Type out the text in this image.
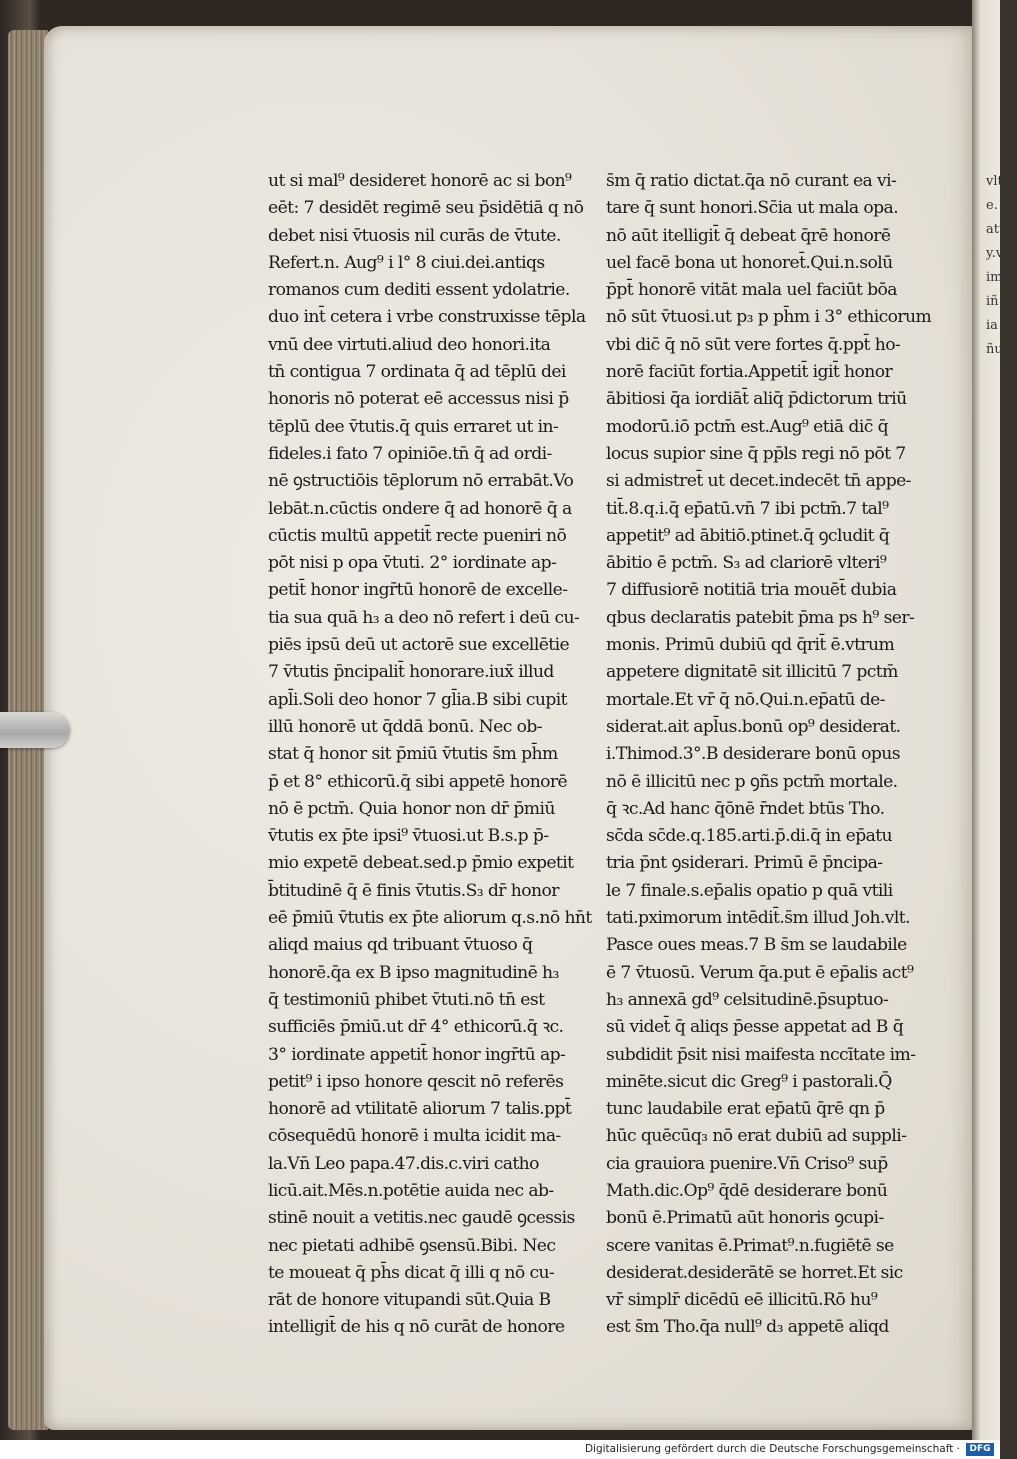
vltra
e. v
atu
y.v
im
iñ
ia
ñu
ut si mal⁹ desideret honorē ac si bon⁹
eēt: 7 desidēt regimē seu p̄sidētiā q nō
debet nisi v̄tuosis nil curās de v̄tute.
Refert.n. Aug⁹ i l° 8 ciui.dei.antiqs
romanos cum dediti essent ydolatrie.
duo int̄ cetera i vrbe construxisse tēpla
vnū dee virtuti.aliud deo honori.ita
tn̄ contigua 7 ordinata q̄ ad tēplū dei
honoris nō poterat eē accessus nisi p̄
tēplū dee v̄tutis.q̄ quis erraret ut in-
fideles.i fato 7 opiniōe.tn̄ q̄ ad ordi-
nē ꝯstructiōis tēplorum nō errabāt.Vo
lebāt.n.cūctis ondere q̄ ad honorē q̄ a
cūctis multū appetit̄ recte pueniri nō
pōt nisi p opa v̄tuti. 2° iordinate ap-
petit̄ honor ingr̄tū honorē de excelle-
tia sua quā h₃ a deo nō refert i deū cu-
piēs ipsū deū ut actorē sue excellētie
7 v̄tutis p̄ncipalit̄ honorare.iux̄ illud
apl̄i.Soli deo honor 7 gl̄ia.B sibi cupit
illū honorē ut q̄ddā bonū. Nec ob-
stat q̄ honor sit p̄miū v̄tutis s̄m ph̄m
p̄ et 8° ethicorū.q̄ sibi appetē honorē
nō ē pctm̄. Quia honor non dr̄ p̄miū
v̄tutis ex p̄te ipsi⁹ v̄tuosi.ut B.s.p p̄-
mio expetē debeat.sed.p p̄mio expetit
b̄titudinē q̄ ē finis v̄tutis.S₃ dr̄ honor
eē p̄miū v̄tutis ex p̄te aliorum q.s.nō hn̄t
aliqd maius qd tribuant v̄tuoso q̄
honorē.q̄a ex B ipso magnitudinē h₃
q̄ testimoniū phibet v̄tuti.nō tn̄ est
sufficiēs p̄miū.ut dr̄ 4° ethicorū.q̄ ꝛc.
3° iordinate appetit̄ honor ingr̄tū ap-
petit⁹ i ipso honore qescit nō referēs
honorē ad vtilitatē aliorum 7 talis.ppt̄
cōsequēdū honorē i multa icidit ma-
la.Vn̄ Leo papa.47.dis.c.viri catho
licū.ait.Mēs.n.potētie auida nec ab-
stinē nouit a vetitis.nec gaudē ꝯcessis
nec pietati adhibē ꝯsensū.Bibi. Nec
te moueat q̄ ph̄s dicat q̄ illi q nō cu-
rāt de honore vitupandi sūt.Quia B
intelligit̄ de his q nō curāt de honore
s̄m q̄ ratio dictat.q̄a nō curant ea vi-
tare q̄ sunt honori.Sc̄ia ut mala opa.
nō aūt itelligit̄ q̄ debeat q̄rē honorē
uel facē bona ut honoret̄.Qui.n.solū
p̄pt̄ honorē vitāt mala uel faciūt bōa
nō sūt v̄tuosi.ut p₃ p ph̄m i 3° ethicorum
vbi dic̄ q̄ nō sūt vere fortes q̄.ppt̄ ho-
norē faciūt fortia.Appetit̄ igit̄ honor
ābitiosi q̄a iordiāt̄ aliq̄ p̄dictorum triū
modorū.iō pctm̄ est.Aug⁹ etiā dic̄ q̄
locus supior sine q̄ pp̄ls regi nō pōt 7
si admistret̄ ut decet.indecēt tn̄ appe-
tit̄.8.q.i.q̄ ep̄atū.vn̄ 7 ibi pctm̄.7 tal⁹
appetit⁹ ad ābitiō.ptinet.q̄ ꝯcludit q̄
ābitio ē pctm̄. S₃ ad clariorē vlteri⁹
7 diffusiorē notitiā tria mouēt̄ dubia
qbus declaratis patebit p̄ma ps h⁹ ser-
monis. Primū dubiū qd q̄rit̄ ē.vtrum
appetere dignitatē sit illicitū 7 pctm̄
mortale.Et vr̄ q̄ nō.Qui.n.ep̄atū de-
siderat.ait apl̄us.bonū op⁹ desiderat.
i.Thimod.3°.B desiderare bonū opus
nō ē illicitū nec p ꝯñs pctm̄ mortale.
q̄ ꝛc.Ad hanc q̄ōnē r̄ndet btūs Tho.
sc̄da sc̄de.q.185.arti.p̄.di.q̄ in ep̄atu
tria p̄nt ꝯsiderari. Primū ē p̄ncipa-
le 7 finale.s.ep̄alis opatio p quā vtili
tati.pximorum intēdit̄.s̄m illud Joh.vlt.
Pasce oues meas.7 B s̄m se laudabile
ē 7 v̄tuosū. Verum q̄a.put ē ep̄alis act⁹
h₃ annexā gd⁹ celsitudinē.p̄suptuo-
sū videt̄ q̄ aliqs p̄esse appetat ad B q̄
subdidit p̄sit nisi maifesta nccītate im-
minēte.sicut dic Greg⁹ i pastorali.Q̄
tunc laudabile erat ep̄atū q̄rē qn p̄
hūc quēcūq₃ nō erat dubiū ad suppli-
cia grauiora puenire.Vn̄ Criso⁹ sup̄
Math.dic.Op⁹ q̄dē desiderare bonū
bonū ē.Primatū aūt honoris ꝯcupi-
scere vanitas ē.Primat⁹.n.fugiētē se
desiderat.desiderātē se horret.Et sic
vr̄ simplr̄ dicēdū eē illicitū.Rō hu⁹
est s̄m Tho.q̄a null⁹ d₃ appetē aliqd
Digitalisierung gefördert durch die Deutsche Forschungsgemeinschaft ·	DFG
